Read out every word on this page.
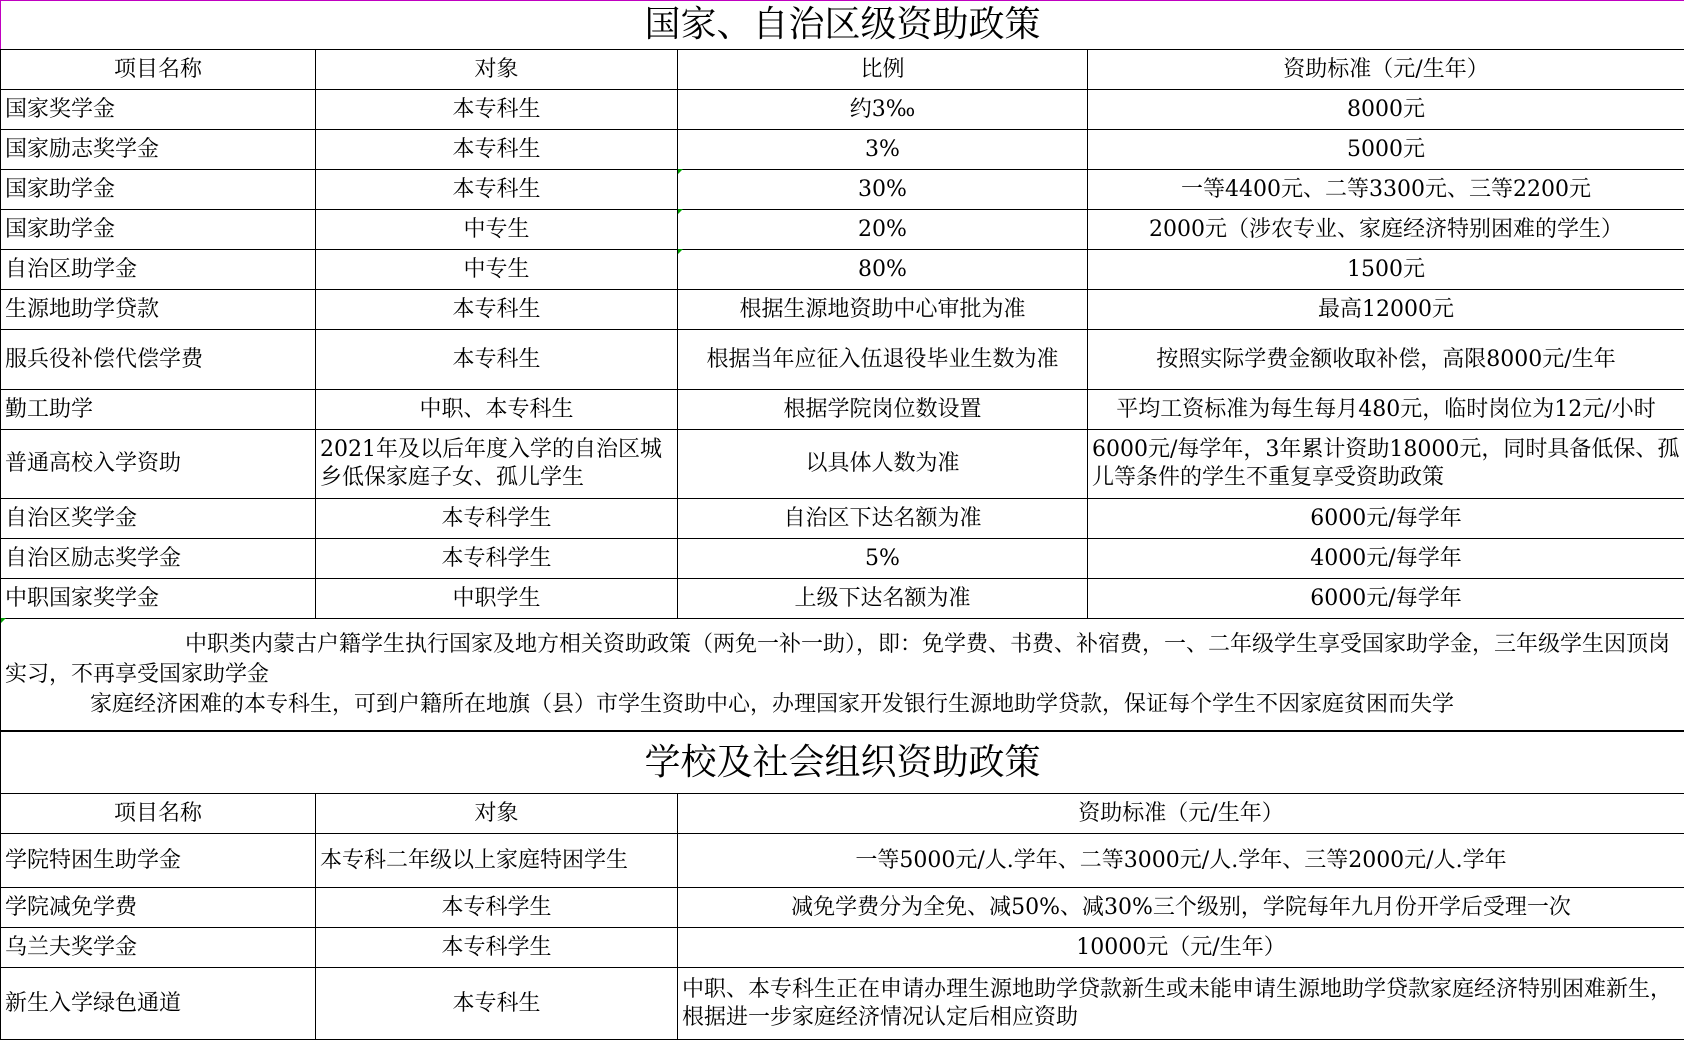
国家、自治区级资助政策			
项目名称	对象	比例	资助标准（元/生年）
国家奖学金	本专科生	约3‰	8000元
国家励志奖学金	本专科生	3%	5000元
国家助学金	本专科生	30%	一等4400元、二等3300元、三等2200元
国家助学金	中专生	20%	2000元（涉农专业、家庭经济特别困难的学生）
自治区助学金	中专生	80%	1500元
生源地助学贷款	本专科生	根据生源地资助中心审批为准	最高12000元
服兵役补偿代偿学费	本专科生	根据当年应征入伍退役毕业生数为准	按照实际学费金额收取补偿，高限8000元/生年
勤工助学	中职、本专科生	根据学院岗位数设置	平均工资标准为每生每月480元，临时岗位为12元/小时
普通高校入学资助	2021年及以后年度入学的自治区城乡低保家庭子女、孤儿学生	以具体人数为准	6000元/每学年，3年累计资助18000元，同时具备低保、孤儿等条件的学生不重复享受资助政策
自治区奖学金	本专科学生	自治区下达名额为准	6000元/每学年
自治区励志奖学金	本专科学生	5%	4000元/每学年
中职国家奖学金	中职学生	上级下达名额为准	6000元/每学年

中职类内蒙古户籍学生执行国家及地方相关资助政策（两免一补一助），即：免学费、书费、补宿费，一、二年级学生享受国家助学金，三年级学生因顶岗实习，不再享受国家助学金
家庭经济困难的本专科生，可到户籍所在地旗（县）市学生资助中心，办理国家开发银行生源地助学贷款，保证每个学生不因家庭贫困而失学			
学校及社会组织资助政策		
项目名称	对象	资助标准（元/生年）
学院特困生助学金	本专科二年级以上家庭特困学生	一等5000元/人.学年、二等3000元/人.学年、三等2000元/人.学年
学院减免学费	本专科学生	减免学费分为全免、减50%、减30%三个级别，学院每年九月份开学后受理一次
乌兰夫奖学金	本专科学生	10000元（元/生年）
新生入学绿色通道	本专科生	中职、本专科生正在申请办理生源地助学贷款新生或未能申请生源地助学贷款家庭经济特别困难新生，根据进一步家庭经济情况认定后相应资助
